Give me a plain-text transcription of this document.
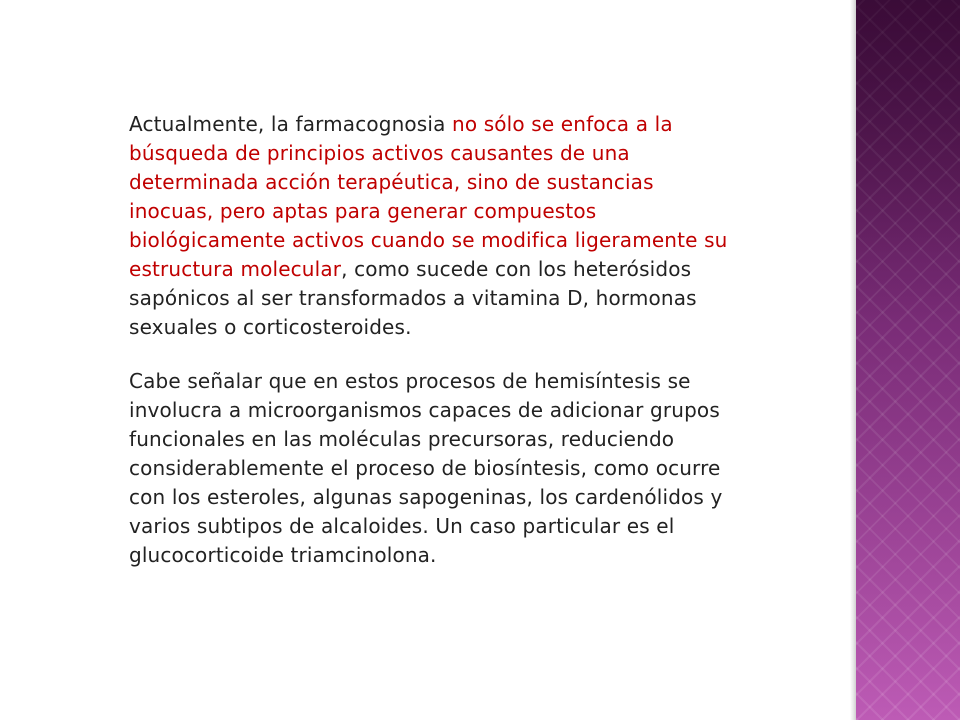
Actualmente, la farmacognosia no sólo se enfoca a la
búsqueda de principios activos causantes de una
determinada acción terapéutica, sino de sustancias
inocuas, pero aptas para generar compuestos
biológicamente activos cuando se modifica ligeramente su
estructura molecular, como sucede con los heterósidos
sapónicos al ser transformados a vitamina D, hormonas
sexuales o corticosteroides.
Cabe señalar que en estos procesos de hemisíntesis se
involucra a microorganismos capaces de adicionar grupos
funcionales en las moléculas precursoras, reduciendo
considerablemente el proceso de biosíntesis, como ocurre
con los esteroles, algunas sapogeninas, los cardenólidos y
varios subtipos de alcaloides. Un caso particular es el
glucocorticoide triamcinolona.
